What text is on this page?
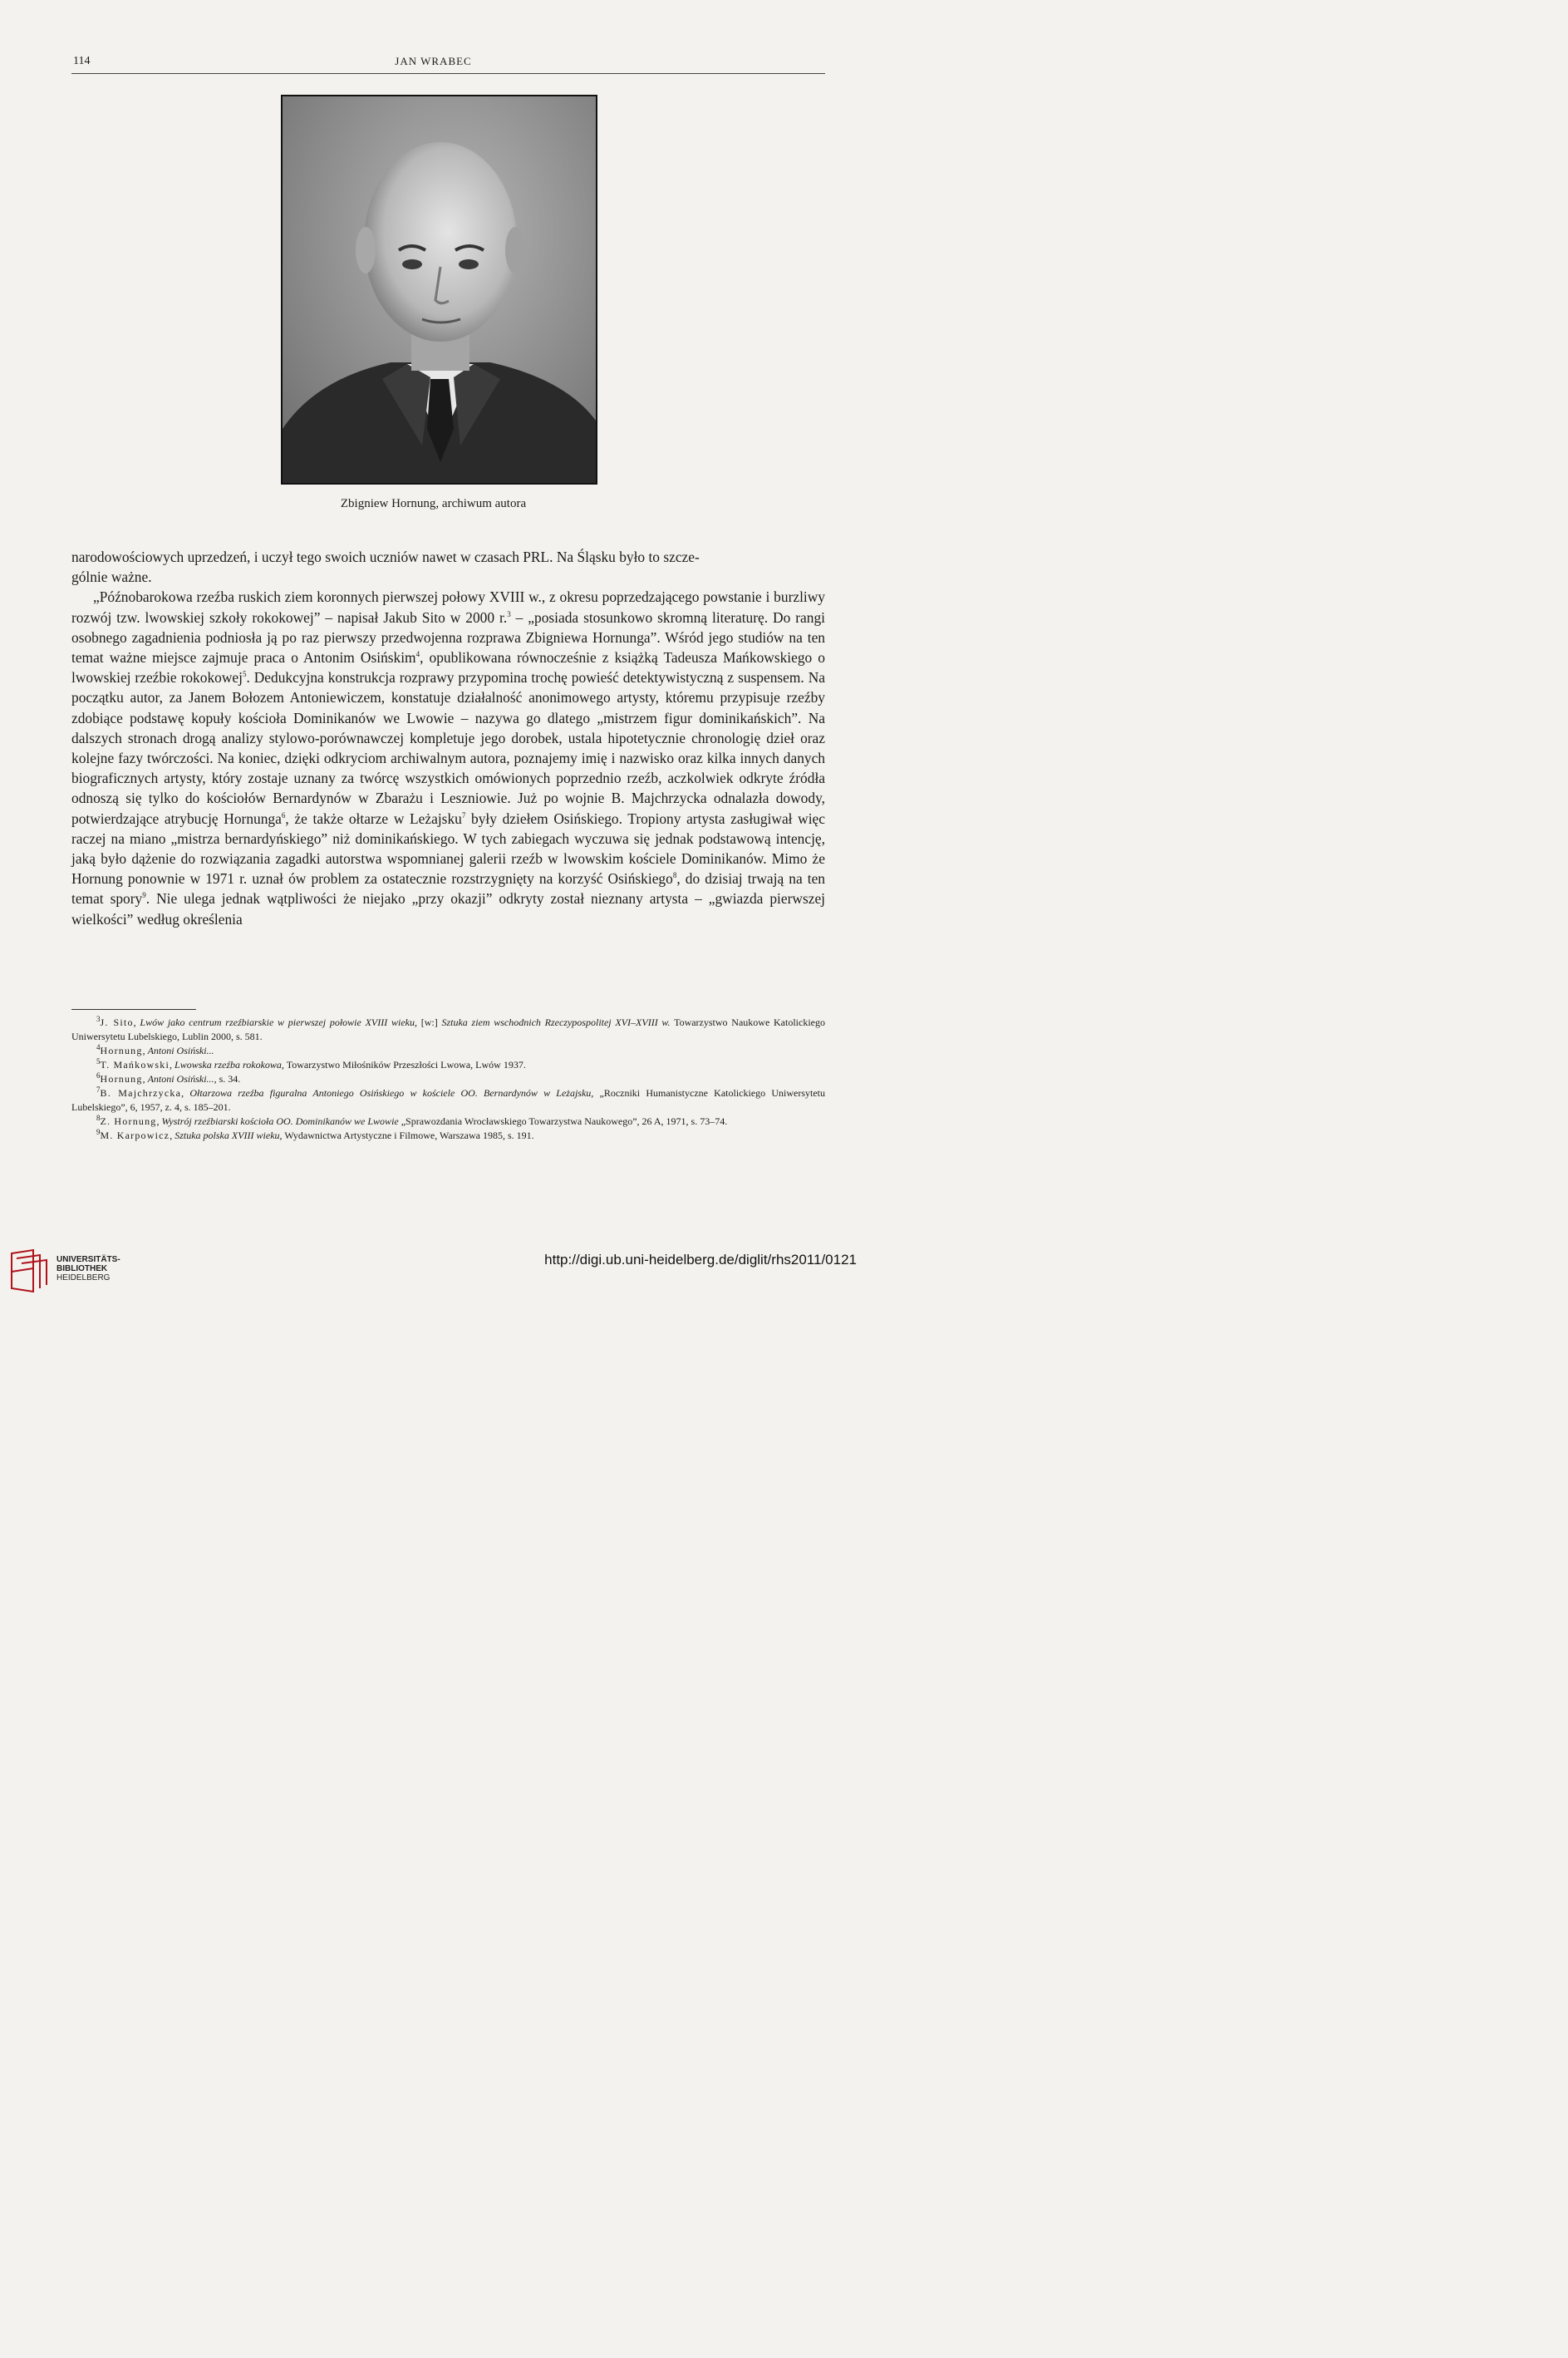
114	JAN WRABEC
Zbigniew Hornung, archiwum autora

narodowościowych uprzedzeń, i uczył tego swoich uczniów nawet w czasach PRL. Na Śląsku było to szcze-
gólnie ważne.

„Późnobarokowa rzeźba ruskich ziem koronnych pierwszej połowy XVIII w., z okresu poprzedzającego powstanie i burzliwy rozwój tzw. lwowskiej szkoły rokokowej” – napisał Jakub Sito w 2000 r.$^3$ – „posiada stosunkowo skromną literaturę. Do rangi osobnego zagadnienia podniosła ją po raz pierwszy przedwojenna rozprawa Zbigniewa Hornunga”. Wśród jego studiów na ten temat ważne miejsce zajmuje praca o Antonim Osińskim$^4$, opublikowana równocześnie z książką Tadeusza Mańkowskiego o lwowskiej rzeźbie rokokowej$^5$. Dedukcyjna konstrukcja rozprawy przypomina trochę powieść detektywistyczną z suspensem. Na początku autor, za Janem Bołozem Antoniewiczem, konstatuje działalność anonimowego artysty, któremu przypisuje rzeźby zdobiące podstawę kopuły kościoła Dominikanów we Lwowie – nazywa go dlatego „mistrzem figur dominikańskich”. Na dalszych stronach drogą analizy stylowo-porównawczej kompletuje jego dorobek, ustala hipotetycznie chronologię dzieł oraz kolejne fazy twórczości. Na koniec, dzięki odkryciom archiwalnym autora, poznajemy imię i nazwisko oraz kilka innych danych biograficznych artysty, który zostaje uznany za twórcę wszystkich omówionych poprzednio rzeźb, aczkolwiek odkryte źródła odnoszą się tylko do kościołów Bernardynów w Zbarażu i Leszniowie. Już po wojnie B. Majchrzycka odnalazła dowody, potwierdzające atrybucję Hornunga$^6$, że także ołtarze w Leżajsku$^7$ były dziełem Osińskiego. Tropiony artysta zasługiwał więc raczej na miano „mistrza bernardyńskiego” niż dominikańskiego. W tych zabiegach wyczuwa się jednak podstawową intencję, jaką było dążenie do rozwiązania zagadki autorstwa wspomnianej galerii rzeźb w lwowskim kościele Dominikanów. Mimo że Hornung ponownie w 1971 r. uznał ów problem za ostatecznie rozstrzygnięty na korzyść Osińskiego$^8$, do dzisiaj trwają na ten temat spory$^9$. Nie ulega jednak wątpliwości że niejako „przy okazji” odkryty został nieznany artysta – „gwiazda pierwszej wielkości” według określenia

$^3$J. Sito, Lwów jako centrum rzeźbiarskie w pierwszej połowie XVIII wieku, [w:] Sztuka ziem wschodnich Rzeczypospolitej XVI–XVIII w. Towarzystwo Naukowe Katolickiego Uniwersytetu Lubelskiego, Lublin 2000, s. 581.

$^4$Hornung, Antoni Osiński...

$^5$T. Mańkowski, Lwowska rzeźba rokokowa, Towarzystwo Miłośników Przeszłości Lwowa, Lwów 1937.

$^6$Hornung, Antoni Osiński..., s. 34.

$^7$B. Majchrzycka, Ołtarzowa rzeźba figuralna Antoniego Osińskiego w kościele OO. Bernardynów w Leżajsku, „Roczniki Humanistyczne Katolickiego Uniwersytetu Lubelskiego”, 6, 1957, z. 4, s. 185–201.

$^8$Z. Hornung, Wystrój rzeźbiarski kościoła OO. Dominikanów we Lwowie „Sprawozdania Wrocławskiego Towarzystwa Naukowego”, 26 A, 1971, s. 73–74.

$^9$M. Karpowicz, Sztuka polska XVIII wieku, Wydawnictwa Artystyczne i Filmowe, Warszawa 1985, s. 191.

UNIVERSITÄTS-
BIBLIOTHEK
HEIDELBERG
http://digi.ub.uni-heidelberg.de/diglit/rhs2011/0121
